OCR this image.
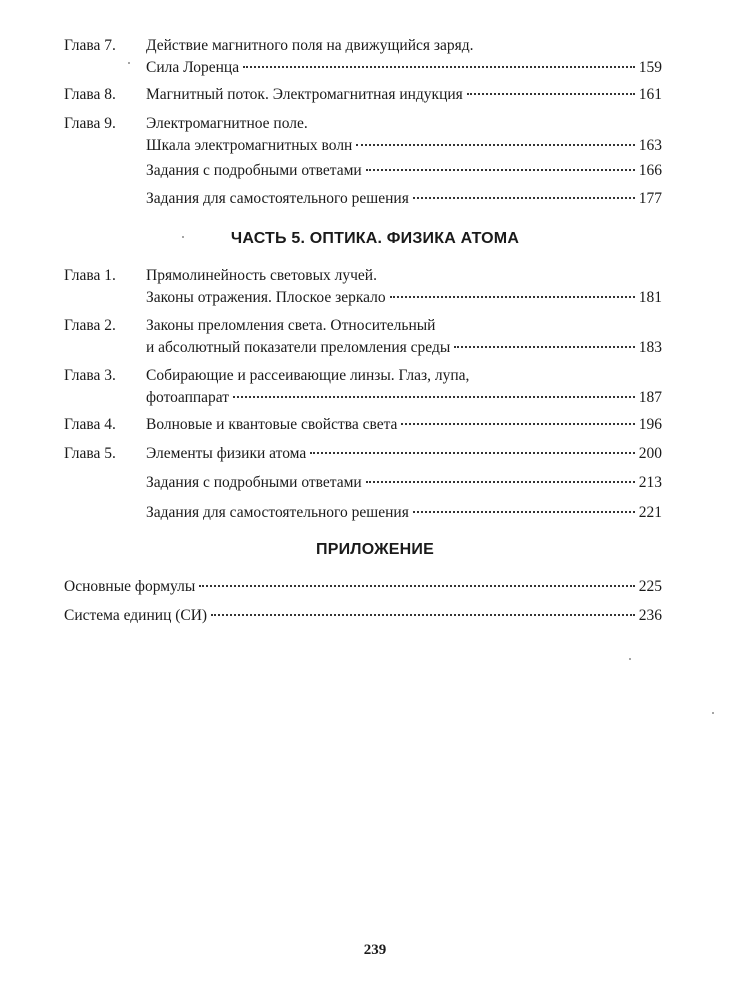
Глава 7. Действие магнитного поля на движущийся заряд.
Сила Лоренца	159
Глава 8. Магнитный поток. Электромагнитная индукция	161
Глава 9. Электромагнитное поле.
Шкала электромагнитных волн	163
Задания с подробными ответами	166
Задания для самостоятельного решения	177
ЧАСТЬ 5. ОПТИКА. ФИЗИКА АТОМА
Глава 1. Прямолинейность световых лучей.
Законы отражения. Плоское зеркало	181
Глава 2. Законы преломления света. Относительный
и абсолютный показатели преломления среды	183
Глава 3. Собирающие и рассеивающие линзы. Глаз, лупа,
фотоаппарат	187
Глава 4. Волновые и квантовые свойства света	196
Глава 5. Элементы физики атома	200
Задания с подробными ответами	213
Задания для самостоятельного решения	221
ПРИЛОЖЕНИЕ
Основные формулы	225
Система единиц (СИ)	236
239
